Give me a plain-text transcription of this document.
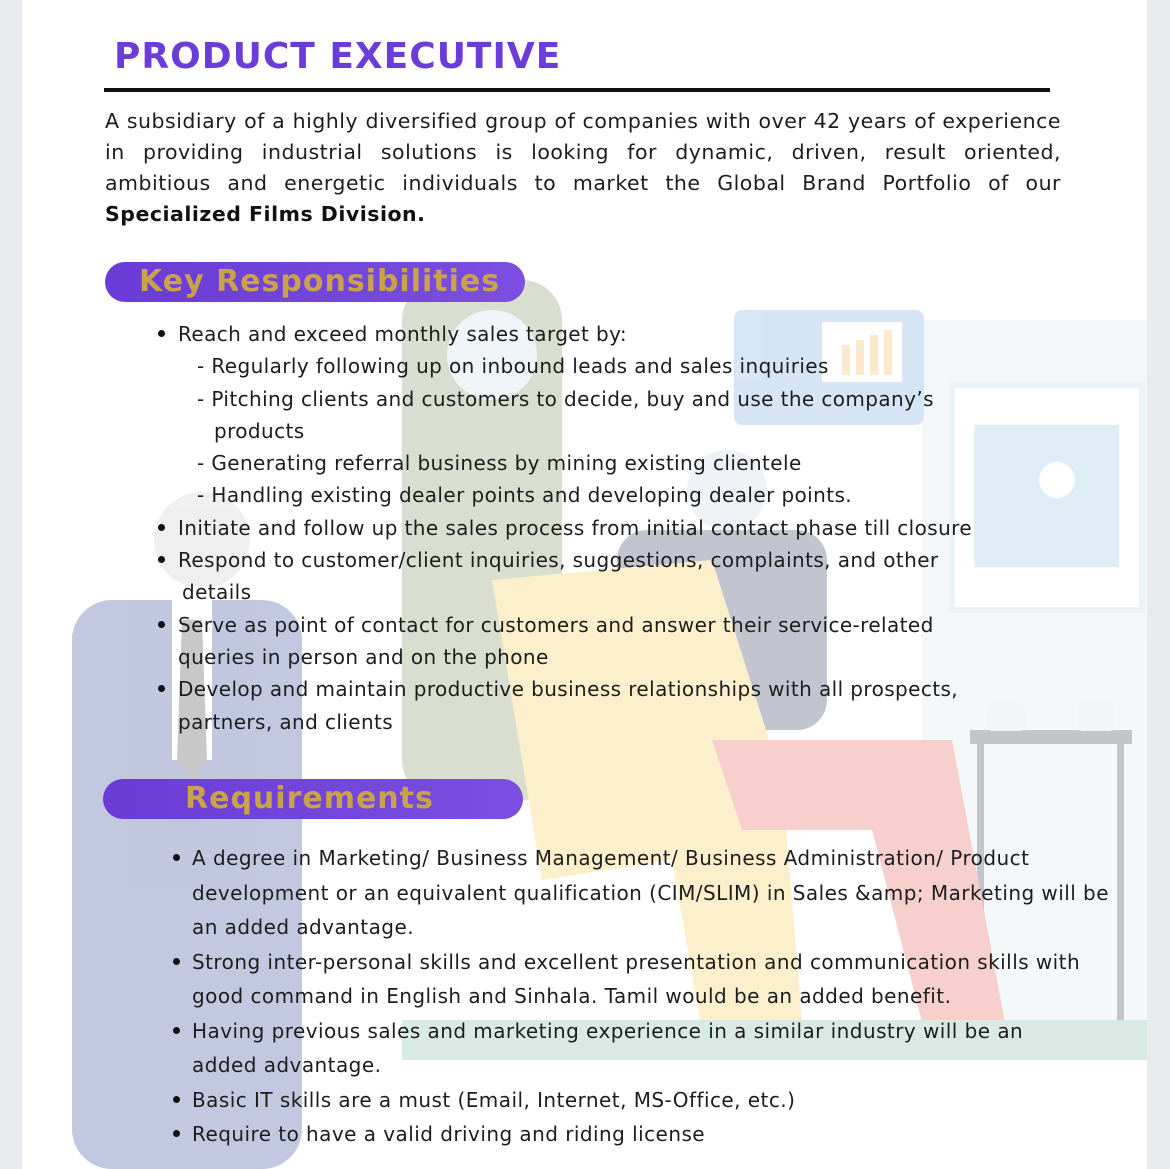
PRODUCT EXECUTIVE

A subsidiary of a highly diversified group of companies with over 42 years of experience in providing industrial solutions is looking for dynamic, driven, result oriented, ambitious and energetic individuals to market the Global Brand Portfolio of our Specialized Films Division.

Key Responsibilities
Reach and exceed monthly sales target by:
- Regularly following up on inbound leads and sales inquiries
- Pitching clients and customers to decide, buy and use the company’s products
- Generating referral business by mining existing clientele
- Handling existing dealer points and developing dealer points.
Initiate and follow up the sales process from initial contact phase till closure
Respond to customer/client inquiries, suggestions, complaints, and other
details
Serve as point of contact for customers and answer their service-related queries in person and on the phone
Develop and maintain productive business relationships with all prospects, partners, and clients
Requirements
A degree in Marketing/ Business Management/ Business Administration/ Product development or an equivalent qualification (CIM/SLIM) in Sales &amp; Marketing will be an added advantage.
Strong inter-personal skills and excellent presentation and communication skills with good command in English and Sinhala. Tamil would be an added benefit.
Having previous sales and marketing experience in a similar industry will be an added advantage.
Basic IT skills are a must (Email, Internet, MS-Office, etc.)
Require to have a valid driving and riding license
